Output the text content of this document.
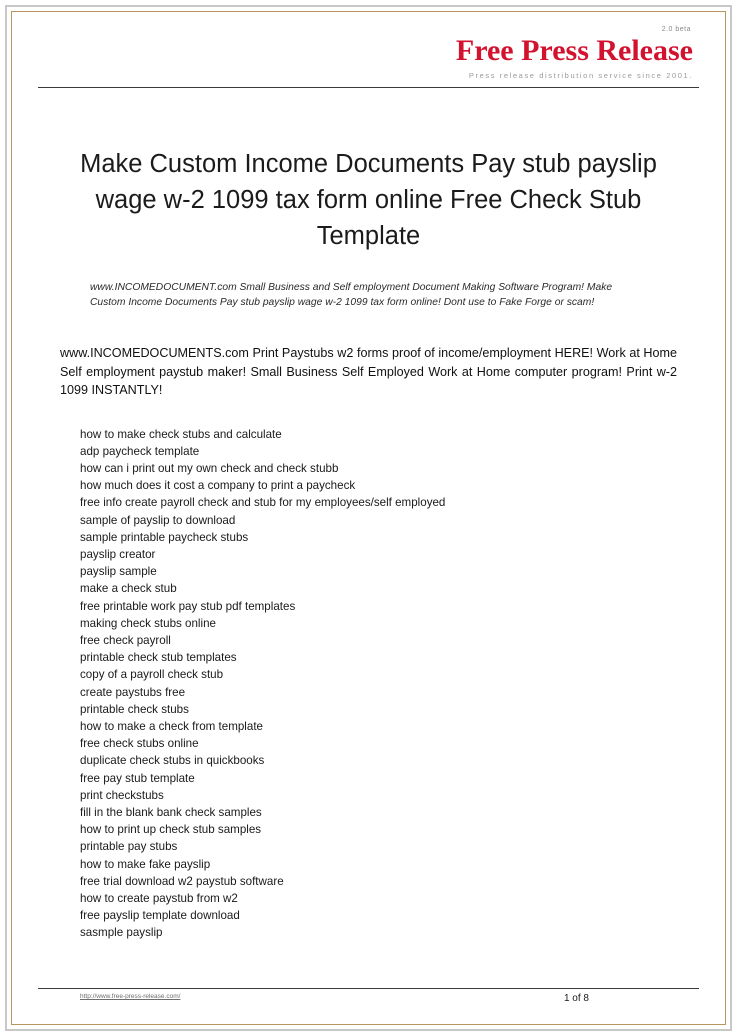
Free Press Release
2.0 beta
Press release distribution service since 2001.
Make Custom Income Documents Pay stub payslip wage w-2 1099 tax form online Free Check Stub Template
www.INCOMEDOCUMENT.com Small Business and Self employment Document Making Software Program! Make Custom Income Documents Pay stub payslip wage w-2 1099 tax form online! Dont use to Fake Forge or scam!
www.INCOMEDOCUMENTS.com Print Paystubs w2 forms proof of income/employment HERE! Work at Home Self employment paystub maker! Small Business Self Employed Work at Home computer program! Print w-2 1099 INSTANTLY!
how to make check stubs and calculate
adp paycheck template
how can i print out my own check and check stubb
how much does it cost a company to print a paycheck
free info create payroll check and stub for my employees/self employed
sample of payslip to download
sample printable paycheck stubs
payslip creator
payslip sample
make a check stub
free printable work pay stub pdf templates
making check stubs online
free check payroll
printable check stub templates
copy of a payroll check stub
create paystubs free
printable check stubs
how to make a check from template
free check stubs online
duplicate check stubs in quickbooks
free pay stub template
print checkstubs
fill in the blank bank check samples
how to print up check stub samples
printable pay stubs
how to make fake payslip
free trial download w2 paystub software
how to create paystub from w2
free payslip template download
sasmple payslip
http://www.free-press-release.com/	1 of 8
